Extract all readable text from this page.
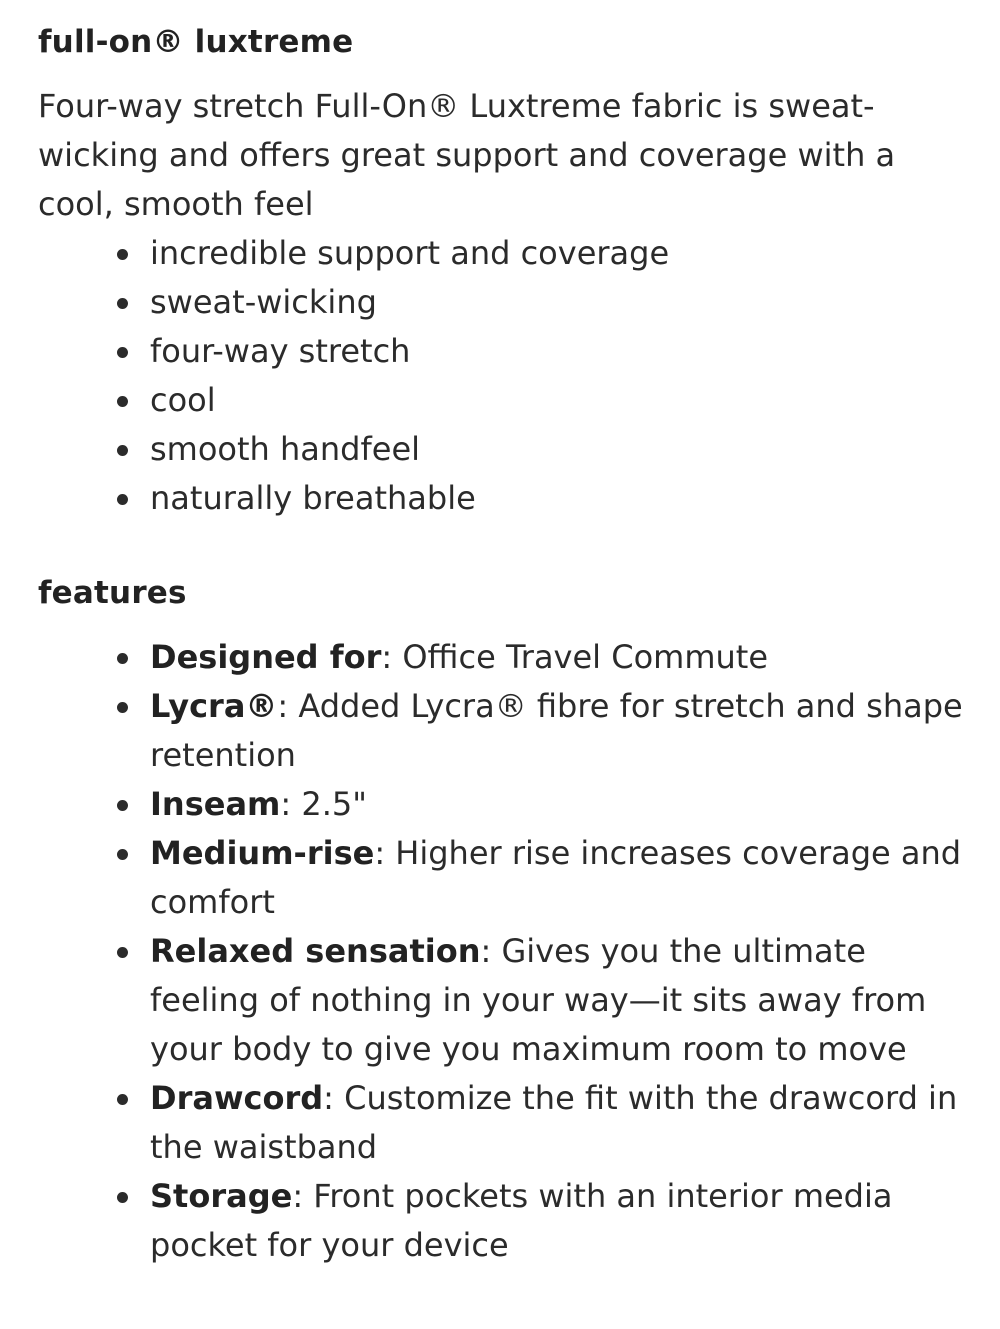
full-on® luxtreme

Four-way stretch Full-On® Luxtreme fabric is sweat-wicking and offers great support and coverage with a cool, smooth feel

incredible support and coverage
sweat-wicking
four-way stretch
cool
smooth handfeel
naturally breathable
features
Designed for: Office Travel Commute
Lycra®: Added Lycra® fibre for stretch and shape retention
Inseam: 2.5"
Medium-rise: Higher rise increases coverage and comfort
Relaxed sensation: Gives you the ultimate feeling of nothing in your way—it sits away from your body to give you maximum room to move
Drawcord: Customize the fit with the drawcord in the waistband
Storage: Front pockets with an interior media pocket for your device
